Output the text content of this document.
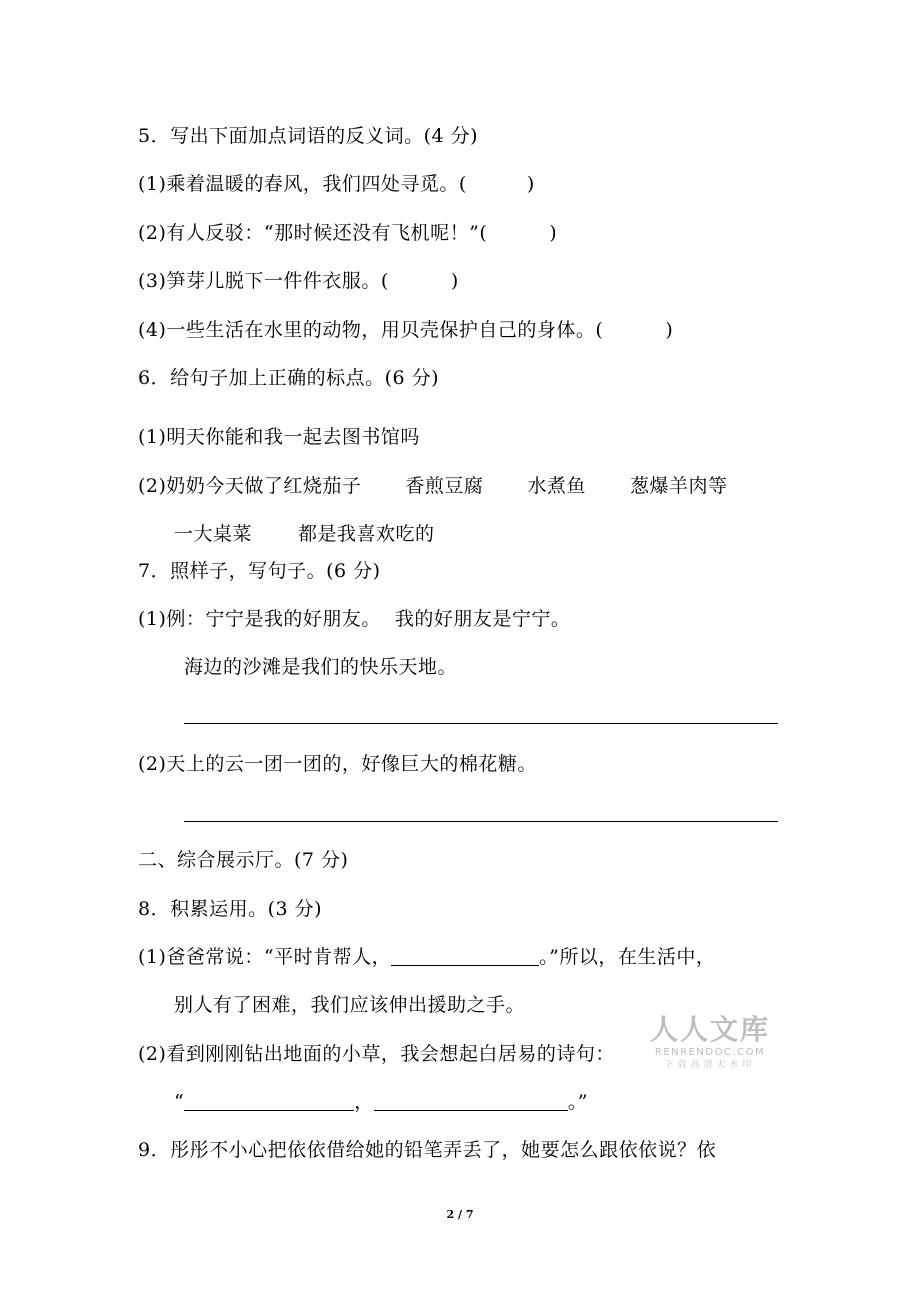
5．写出下面加点词语的反义词。(4 分)
(1)乘着温暖的春风，我们四处寻觅。(	)
(2)有人反驳：“那时候还没有飞机呢！”(	)
(3)笋芽儿脱下一件件衣服。(	)
(4)一些生活在水里的动物，用贝壳保护自己的身体。(	)
6．给句子加上正确的标点。(6 分)
(1)明天你能和我一起去图书馆吗
(2)奶奶今天做了红烧茄子 香煎豆腐 水煮鱼 葱爆羊肉等
一大桌菜 都是我喜欢吃的
7．照样子，写句子。(6 分)
(1)例：宁宁是我的好朋友。 我的好朋友是宁宁。
海边的沙滩是我们的快乐天地。
(2)天上的云一团一团的，好像巨大的棉花糖。
二、综合展示厅。(7 分)
8．积累运用。(3 分)
(1)爸爸常说：“平时肯帮人，	。”所以，在生活中，
别人有了困难，我们应该伸出援助之手。
(2)看到刚刚钻出地面的小草，我会想起白居易的诗句：
“	，	。”
9．彤彤不小心把依依借给她的铅笔弄丢了，她要怎么跟依依说？依
人人文库
RENRENDOC.COM
下载高清无水印
2 / 7
